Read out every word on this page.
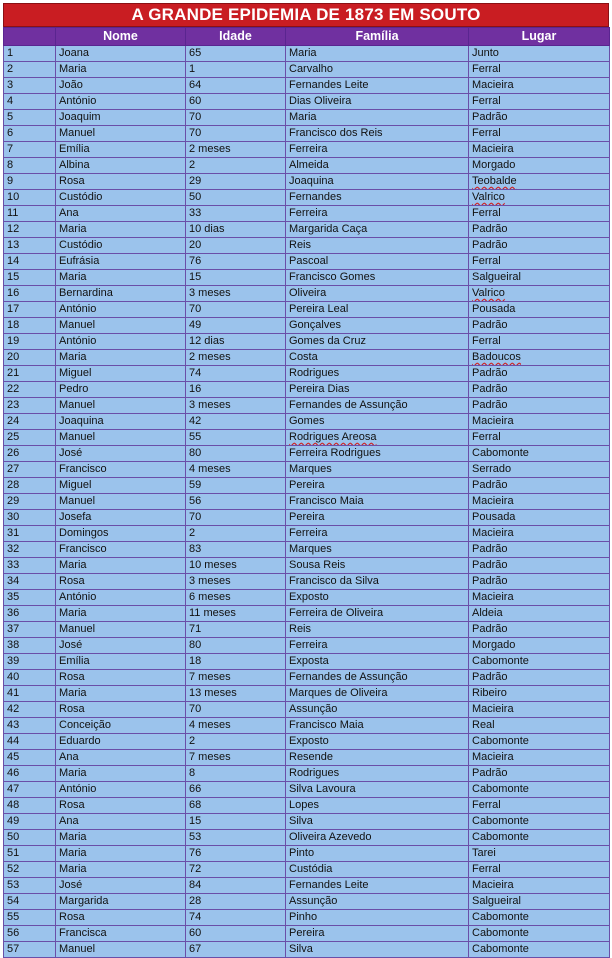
A GRANDE EPIDEMIA DE 1873 EM SOUTO
	Nome	Idade	Família	Lugar
1	Joana	65	Maria	Junto
2	Maria	1	Carvalho	Ferral
3	João	64	Fernandes Leite	Macieira
4	António	60	Dias Oliveira	Ferral
5	Joaquim	70	Maria	Padrão
6	Manuel	70	Francisco dos Reis	Ferral
7	Emília	2 meses	Ferreira	Macieira
8	Albina	2	Almeida	Morgado
9	Rosa	29	Joaquina	Teobalde
10	Custódio	50	Fernandes	Valrico
11	Ana	33	Ferreira	Ferral
12	Maria	10 dias	Margarida Caça	Padrão
13	Custódio	20	Reis	Padrão
14	Eufrásia	76	Pascoal	Ferral
15	Maria	15	Francisco Gomes	Salgueiral
16	Bernardina	3 meses	Oliveira	Valrico
17	António	70	Pereira Leal	Pousada
18	Manuel	49	Gonçalves	Padrão
19	António	12 dias	Gomes da Cruz	Ferral
20	Maria	2 meses	Costa	Badoucos
21	Miguel	74	Rodrigues	Padrão
22	Pedro	16	Pereira Dias	Padrão
23	Manuel	3 meses	Fernandes de Assunção	Padrão
24	Joaquina	42	Gomes	Macieira
25	Manuel	55	Rodrigues Areosa	Ferral
26	José	80	Ferreira Rodrigues	Cabomonte
27	Francisco	4 meses	Marques	Serrado
28	Miguel	59	Pereira	Padrão
29	Manuel	56	Francisco Maia	Macieira
30	Josefa	70	Pereira	Pousada
31	Domingos	2	Ferreira	Macieira
32	Francisco	83	Marques	Padrão
33	Maria	10 meses	Sousa Reis	Padrão
34	Rosa	3 meses	Francisco da Silva	Padrão
35	António	6 meses	Exposto	Macieira
36	Maria	11 meses	Ferreira de Oliveira	Aldeia
37	Manuel	71	Reis	Padrão
38	José	80	Ferreira	Morgado
39	Emília	18	Exposta	Cabomonte
40	Rosa	7 meses	Fernandes de Assunção	Padrão
41	Maria	13 meses	Marques de Oliveira	Ribeiro
42	Rosa	70	Assunção	Macieira
43	Conceição	4 meses	Francisco Maia	Real
44	Eduardo	2	Exposto	Cabomonte
45	Ana	7 meses	Resende	Macieira
46	Maria	8	Rodrigues	Padrão
47	António	66	Silva Lavoura	Cabomonte
48	Rosa	68	Lopes	Ferral
49	Ana	15	Silva	Cabomonte
50	Maria	53	Oliveira Azevedo	Cabomonte
51	Maria	76	Pinto	Tarei
52	Maria	72	Custódia	Ferral
53	José	84	Fernandes Leite	Macieira
54	Margarida	28	Assunção	Salgueiral
55	Rosa	74	Pinho	Cabomonte
56	Francisca	60	Pereira	Cabomonte
57	Manuel	67	Silva	Cabomonte
